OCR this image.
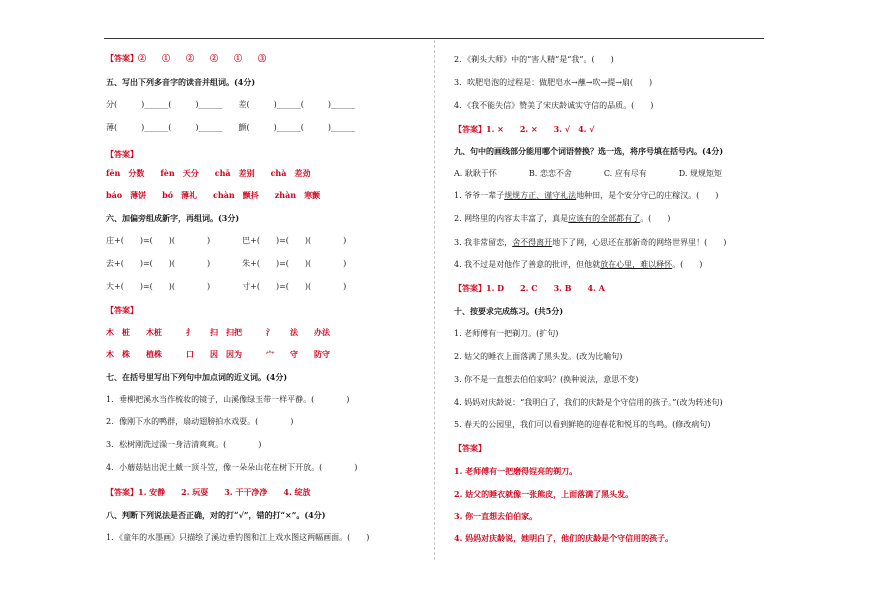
【答案】②　　①　　②　　②　　①　　③
五、写出下列多音字的读音并组词。(4分)
分(　　　)______(　　　)______　　差(　　　)______(　　　)______
薄(　　　)______(　　　)______　　颤(　　　)______(　　　)______
【答案】
fēn　分数　　fèn　天分　　chā　差别　　chà　差劲
báo　薄饼　　bó　薄礼　　chàn　颤抖　　zhàn　寒颤
六、加偏旁组成新字，再组词。(3分)
庄+(　　)=(　　)(　　　　)　　　　巴+(　　)=(　　)(　　　　)
去+(　　)=(　　)(　　　　)　　　　朱+(　　)=(　　)(　　　　)
大+(　　)=(　　)(　　　　)　　　　寸+(　　)=(　　)(　　　　)
【答案】
木　桩　　木桩　　　扌　　扫　扫把　　　氵　　法　　办法
木　株　　植株　　　口　　因　因为　　　宀　　守　　防守
七、在括号里写出下列句中加点词的近义词。(4分)
1．垂柳把溪水当作梳妆的镜子，山溪像绿玉带一样平静。(　　　　)
2．像刚下水的鸭群，扇动翅膀拍水戏耍。(　　　　)
3．松树刚洗过澡一身洁清爽爽。(　　　　)
4．小蘑菇钻出泥土戴一顶斗笠，像一朵朵山花在树下开放。(　　　　)
【答案】1. 安静　　2. 玩耍　　3. 干干净净　　4. 绽放
八、判断下列说法是否正确，对的打“√”，错的打“×”。(4分)
1．《童年的水墨画》只描绘了溪边垂钓图和江上戏水图这两幅画面。(　　)
2．《剃头大师》中的“害人精”是“我”。(　　)
3．吹肥皂泡的过程是：做肥皂水→蘸→吹→提→扇(　　)
4．《我不能失信》赞美了宋庆龄诚实守信的品质。(　　)
【答案】1. ×　　2. ×　　3. √　4. √
九、句中的画线部分能用哪个词语替换？选一选，将序号填在括号内。(4分)
A. 耿耿于怀　　　　B. 恋恋不舍　　　　C. 应有尽有　　　　D. 规规矩矩
1. 爷爷一辈子规规方正、谨守礼法地种田，是个安分守己的庄稼汉。(　　)
2. 网络里的内容太丰富了，真是应该有的全部都有了。(　　)
3. 我非常留恋，舍不得离开地下了网，心思还在那新奇的网络世界里！(　　)
4. 我不过是对他作了善意的批评，但他就放在心里，难以释怀。(　　)
【答案】1. D　　2. C　　3. B　　4. A
十、按要求完成练习。(共5分)
1. 老师傅有一把剃刀。(扩句)
2. 姑父的睡衣上面落满了黑头发。(改为比喻句)
3. 你不是一直想去伯伯家吗？(换种说法，意思不变)
4. 妈妈对庆龄说：“我明白了，我们的庆龄是个守信用的孩子。”(改为转述句)
5. 春天的公园里，我们可以看到鲜艳的迎春花和悦耳的鸟鸣。(修改病句)
【答案】
1. 老师傅有一把磨得锃亮的剃刀。
2. 姑父的睡衣就像一张熊皮，上面落满了黑头发。
3. 你一直想去伯伯家。
4. 妈妈对庆龄说，她明白了，他们的庆龄是个守信用的孩子。
